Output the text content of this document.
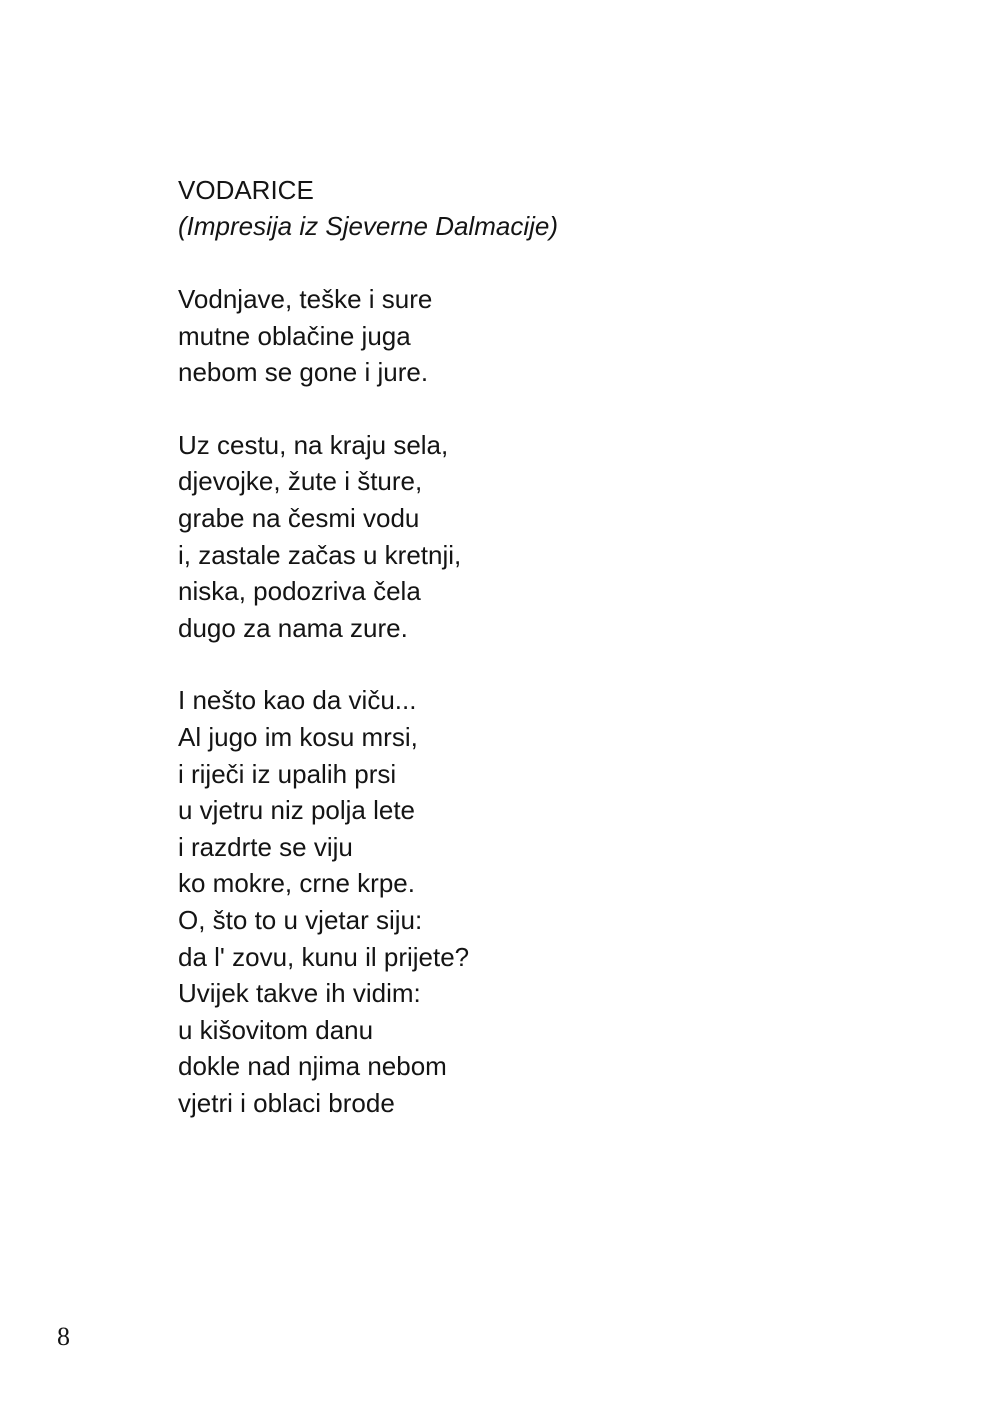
VODARICE

(Impresija iz Sjeverne Dalmacije)

Vodnjave, teške i sure
mutne oblačine juga
nebom se gone i jure.
Uz cestu, na kraju sela,
djevojke, žute i šture,
grabe na česmi vodu
i, zastale začas u kretnji,
niska, podozriva čela
dugo za nama zure.
I nešto kao da viču...
Al jugo im kosu mrsi,
i riječi iz upalih prsi
u vjetru niz polja lete
i razdrte se viju
ko mokre, crne krpe.
O, što to u vjetar siju:
da l' zovu, kunu il prijete?
Uvijek takve ih vidim:
u kišovitom danu
dokle nad njima nebom
vjetri i oblaci brode
8
